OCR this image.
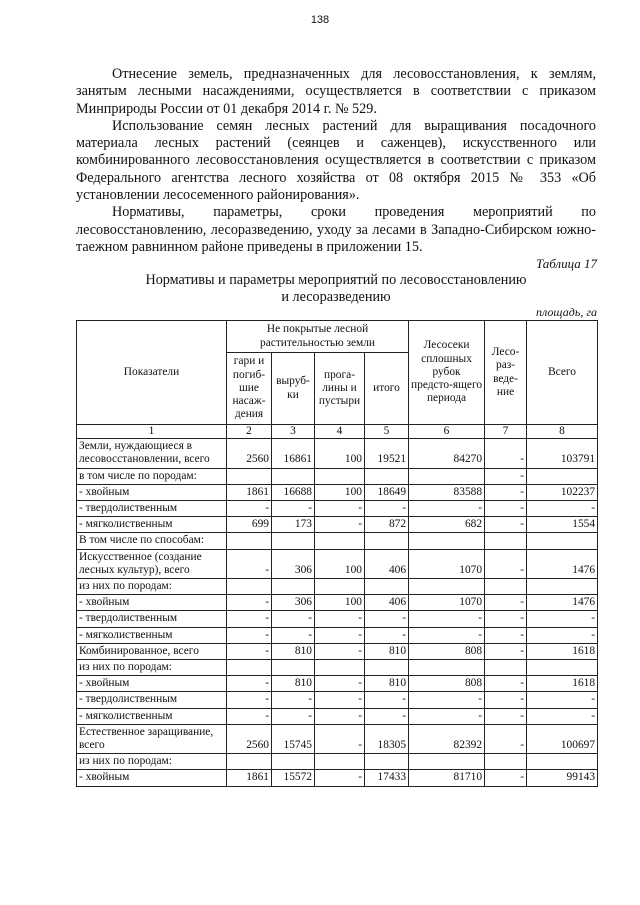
138

Отнесение земель, предназначенных для лесовосстановления, к землям, занятым лесными насаждениями, осуществляется в соответствии с приказом Минприроды России от 01 декабря 2014 г. № 529.

Использование семян лесных растений для выращивания посадочного материала лесных растений (сеянцев и саженцев), искусственного или комбинированного лесовосстановления осуществляется в соответствии с приказом Федерального агентства лесного хозяйства от 08 октября 2015 № 353 «Об установлении лесосеменного районирования».

Нормативы, параметры, сроки проведения мероприятий по лесовосстановлению, лесоразведению, уходу за лесами в Западно-Сибирском южно-таежном равнинном районе приведены в приложении 15.

Таблица 17
Нормативы и параметры мероприятий по лесовосстановлению
и лесоразведению
площадь, га
Показатели	Не покрытые лесной растительностью земли				Лесосеки сплошных рубок предсто-ящего периода	Лесо-раз-веде-ние	Всего
	гари и погиб-шие насаж-дения	выруб-ки	прога-лины и пустыри	итого			
1	2	3	4	5	6	7	8
Земли, нуждающиеся в лесовосстановлении, всего	2560	16861	100	19521	84270	-	103791
в том числе по породам:						-	
- хвойным	1861	16688	100	18649	83588	-	102237
- твердолиственным	-	-	-	-	-	-	-
- мягколиственным	699	173	-	872	682	-	1554
В том числе по способам:							
Искусственное (создание лесных культур), всего	-	306	100	406	1070	-	1476
из них по породам:							
- хвойным	-	306	100	406	1070	-	1476
- твердолиственным	-	-	-	-	-	-	-
- мягколиственным	-	-	-	-	-	-	-
Комбинированное, всего	-	810	-	810	808	-	1618
из них по породам:							
- хвойным	-	810	-	810	808	-	1618
- твердолиственным	-	-	-	-	-	-	-
- мягколиственным	-	-	-	-	-	-	-
Естественное заращивание, всего	2560	15745	-	18305	82392	-	100697
из них по породам:							
- хвойным	1861	15572	-	17433	81710	-	99143
